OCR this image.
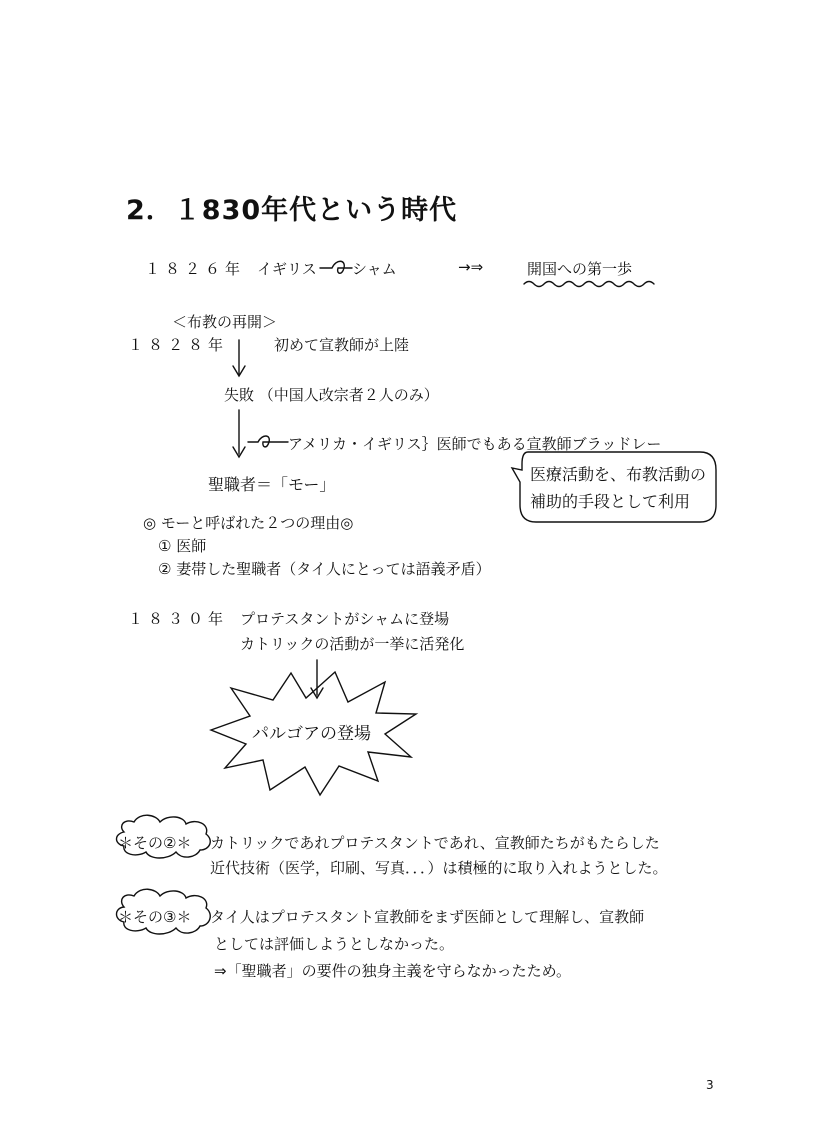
2．１830年代という時代
１８２６年 イギリス シャム	→⇒	開国への第一歩
＜布教の再開＞
１８２８年	初めて宣教師が上陸
失敗 （中国人改宗者２人のみ）
アメリカ・イギリス｝医師でもある宣教師ブラッドレー
聖職者＝「モー」
医療活動を、布教活動の
補助的手段として利用
◎ モーと呼ばれた２つの理由◎
① 医師
② 妻帯した聖職者（タイ人にとっては語義矛盾）
１８３０年 プロテスタントがシャムに登場
カトリックの活動が一挙に活発化
パルゴアの登場
＊その②＊ カトリックであれプロテスタントであれ、宣教師たちがもたらした
近代技術（医学，印刷、写真．．．）は積極的に取り入れようとした。
＊その③＊ タイ人はプロテスタント宣教師をまず医師として理解し、宣教師
としては評価しようとしなかった。
⇒「聖職者」の要件の独身主義を守らなかったため。
3
